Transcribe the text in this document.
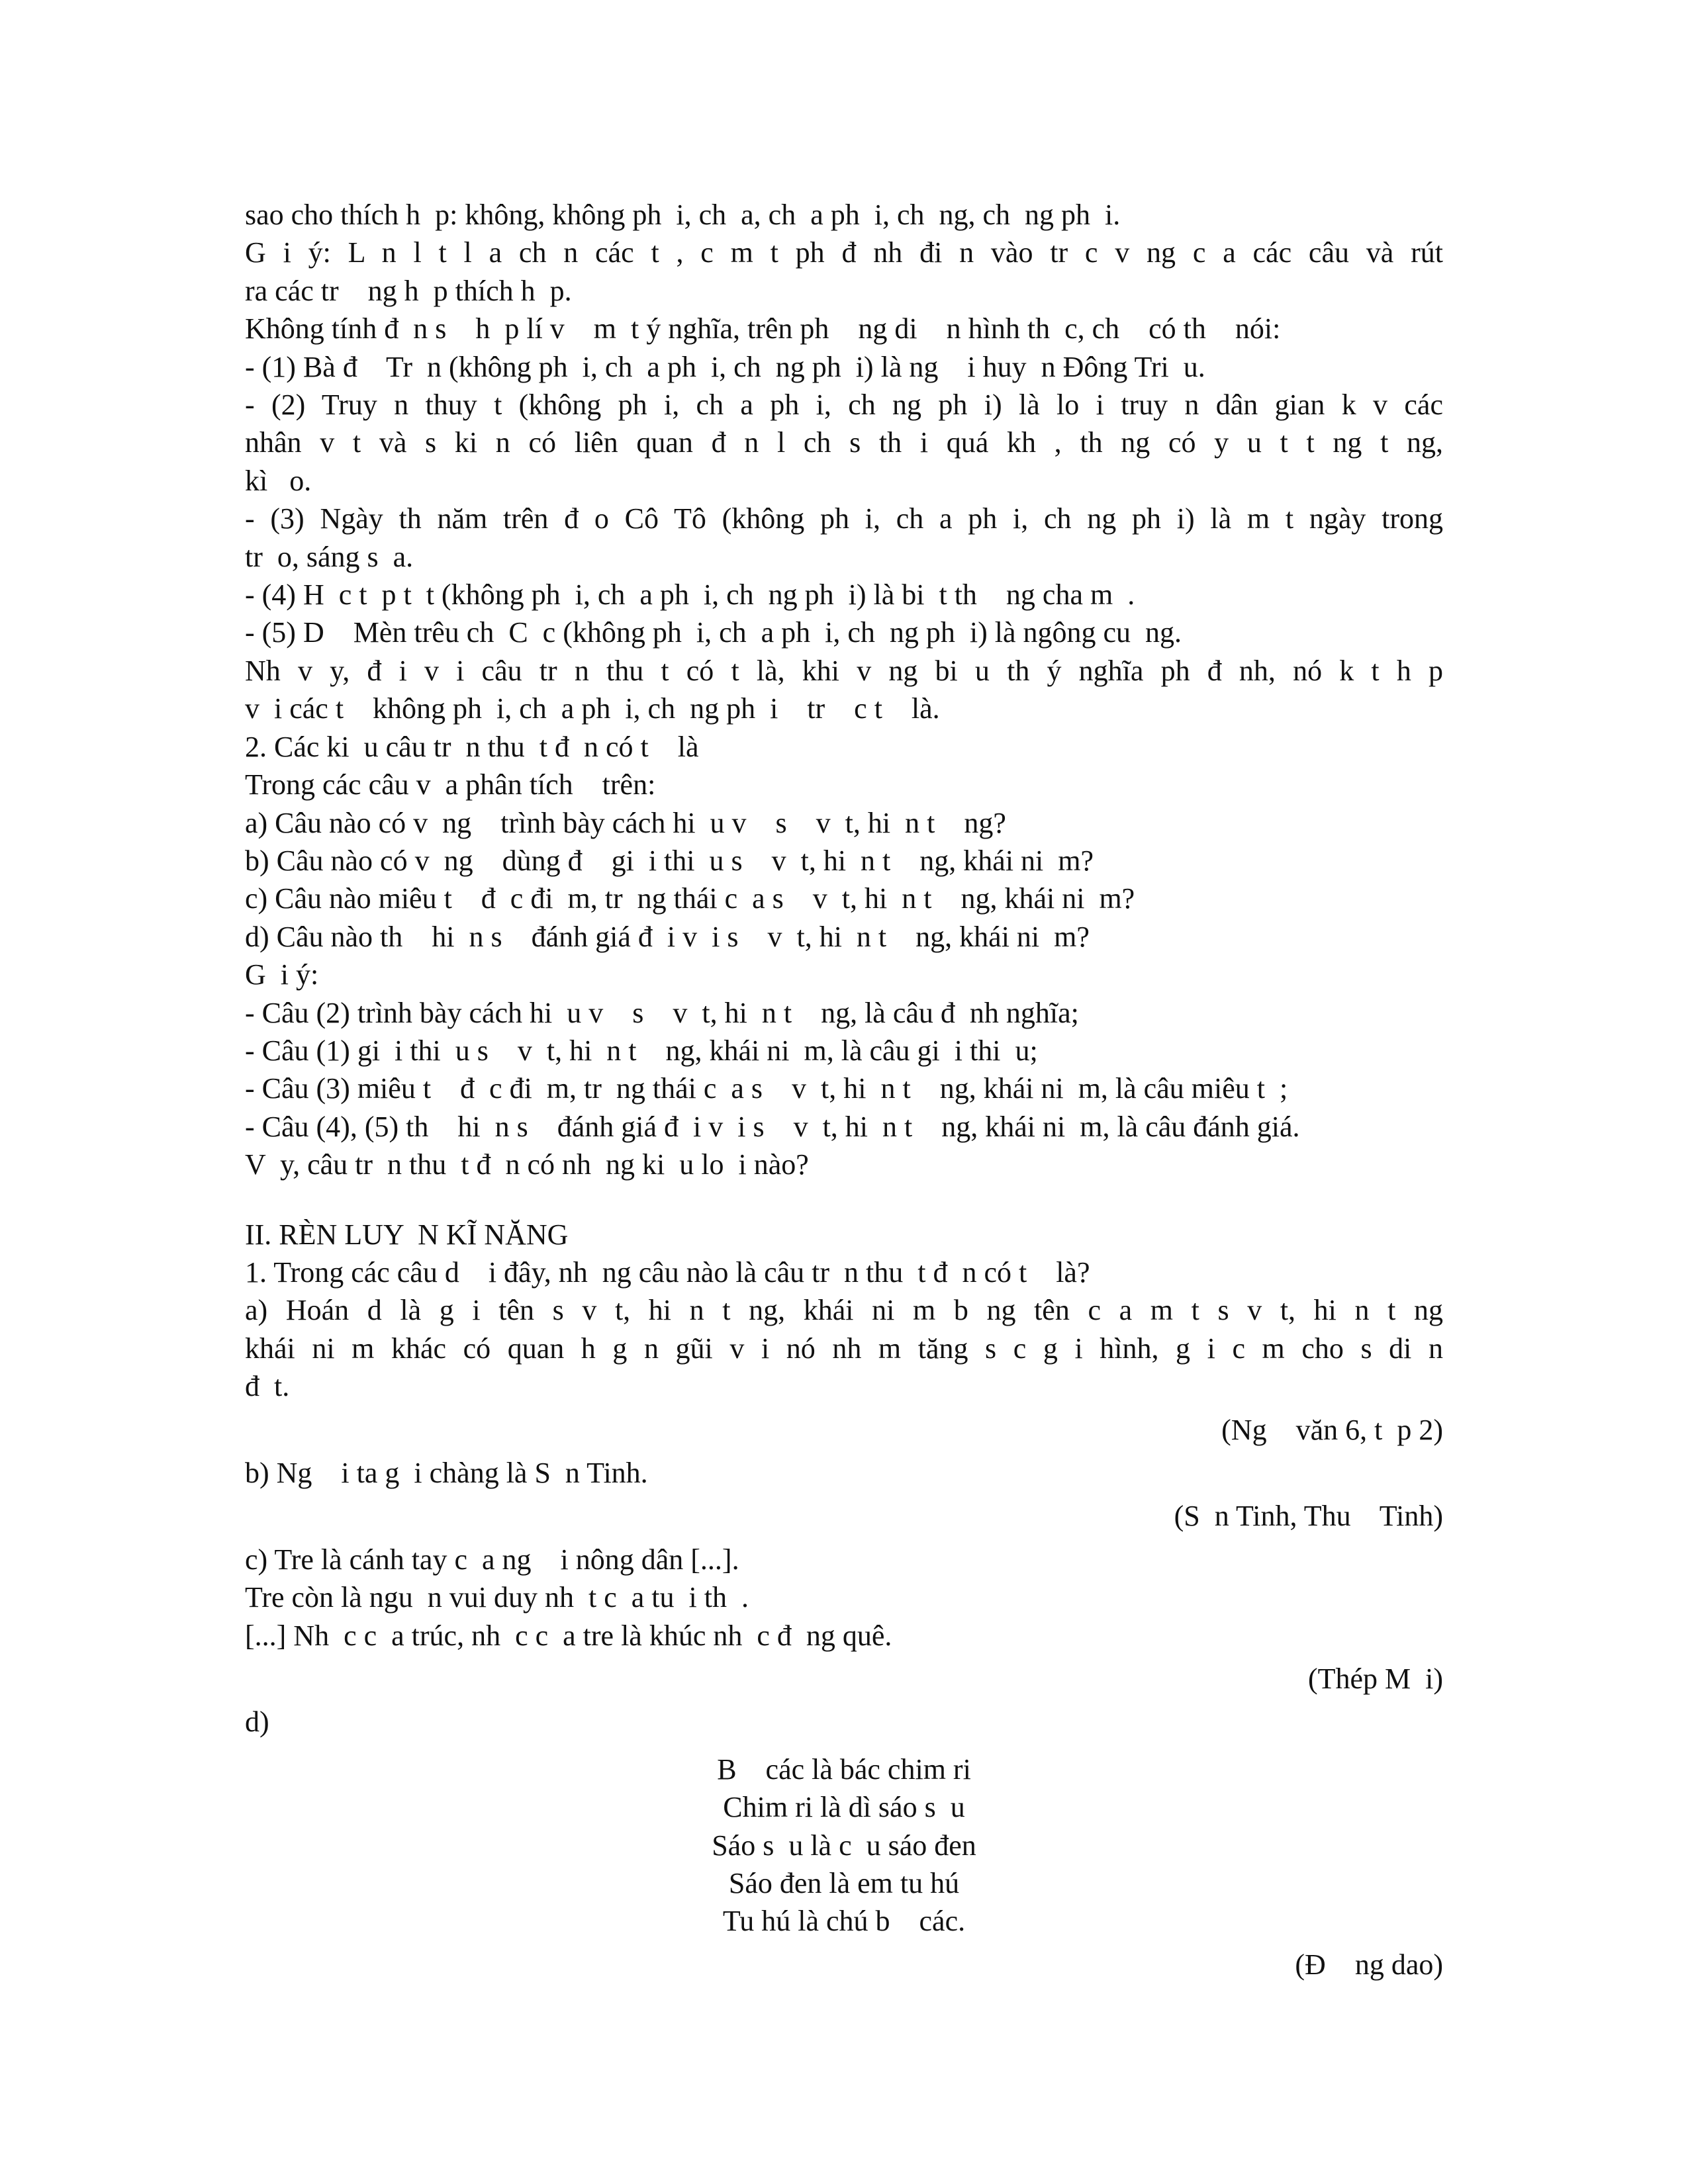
sao cho thích h  p: không, không ph  i, ch  a, ch  a ph  i, ch  ng, ch  ng ph  i.
G i ý: L n l t l a ch n các t , c m t ph đ nh đi n vào tr c v ng c a các câu và rút
ra các tr    ng h  p thích h  p.
Không tính đ  n s    h  p lí v    m  t ý nghĩa, trên ph    ng di    n hình th  c, ch    có th    nói:
- (1) Bà đ    Tr  n (không ph  i, ch  a ph  i, ch  ng ph  i) là ng    i huy  n Đông Tri  u.
- (2) Truy n thuy t (không ph i, ch a ph i, ch ng ph i) là lo i truy n dân gian k v các
nhân v t và s ki n có liên quan đ n l ch s th i quá kh , th ng có y u t t ng t ng,
kì   o.
- (3) Ngày th năm trên đ o Cô Tô (không ph i, ch a ph i, ch ng ph i) là m t ngày trong
tr  o, sáng s  a.
- (4) H  c t  p t  t (không ph  i, ch  a ph  i, ch  ng ph  i) là bi  t th    ng cha m  .
- (5) D    Mèn trêu ch  C  c (không ph  i, ch  a ph  i, ch  ng ph  i) là ngông cu  ng.
Nh v y, đ i v i câu tr n thu t có t là, khi v ng bi u th ý nghĩa ph đ nh, nó k t h p
v  i các t    không ph  i, ch  a ph  i, ch  ng ph  i    tr    c t    là.
2. Các ki  u câu tr  n thu  t đ  n có t    là
Trong các câu v  a phân tích    trên:
a) Câu nào có v  ng    trình bày cách hi  u v    s    v  t, hi  n t    ng?
b) Câu nào có v  ng    dùng đ    gi  i thi  u s    v  t, hi  n t    ng, khái ni  m?
c) Câu nào miêu t    đ  c đi  m, tr  ng thái c  a s    v  t, hi  n t    ng, khái ni  m?
d) Câu nào th    hi  n s    đánh giá đ  i v  i s    v  t, hi  n t    ng, khái ni  m?
G  i ý:
- Câu (2) trình bày cách hi  u v    s    v  t, hi  n t    ng, là câu đ  nh nghĩa;
- Câu (1) gi  i thi  u s    v  t, hi  n t    ng, khái ni  m, là câu gi  i thi  u;
- Câu (3) miêu t    đ  c đi  m, tr  ng thái c  a s    v  t, hi  n t    ng, khái ni  m, là câu miêu t  ;
- Câu (4), (5) th    hi  n s    đánh giá đ  i v  i s    v  t, hi  n t    ng, khái ni  m, là câu đánh giá.
V  y, câu tr  n thu  t đ  n có nh  ng ki  u lo  i nào?
II. RÈN LUY  N KĨ NĂNG
1. Trong các câu d    i đây, nh  ng câu nào là câu tr  n thu  t đ  n có t    là?
a) Hoán d là g i tên s v t, hi n t ng, khái ni m b ng tên c a m t s v t, hi n t ng
khái ni m khác có quan h g n gũi v i nó nh m tăng s c g i hình, g i c m cho s di n
đ  t.
(Ng    văn 6, t  p 2)
b) Ng    i ta g  i chàng là S  n Tinh.
(S  n Tinh, Thu    Tinh)
c) Tre là cánh tay c  a ng    i nông dân [...].
Tre còn là ngu  n vui duy nh  t c  a tu  i th  .
[...] Nh  c c  a trúc, nh  c c  a tre là khúc nh  c đ  ng quê.
(Thép M  i)
d)
B    các là bác chim ri
Chim ri là dì sáo s  u
Sáo s  u là c  u sáo đen
Sáo đen là em tu hú
Tu hú là chú b    các.
(Đ    ng dao)
